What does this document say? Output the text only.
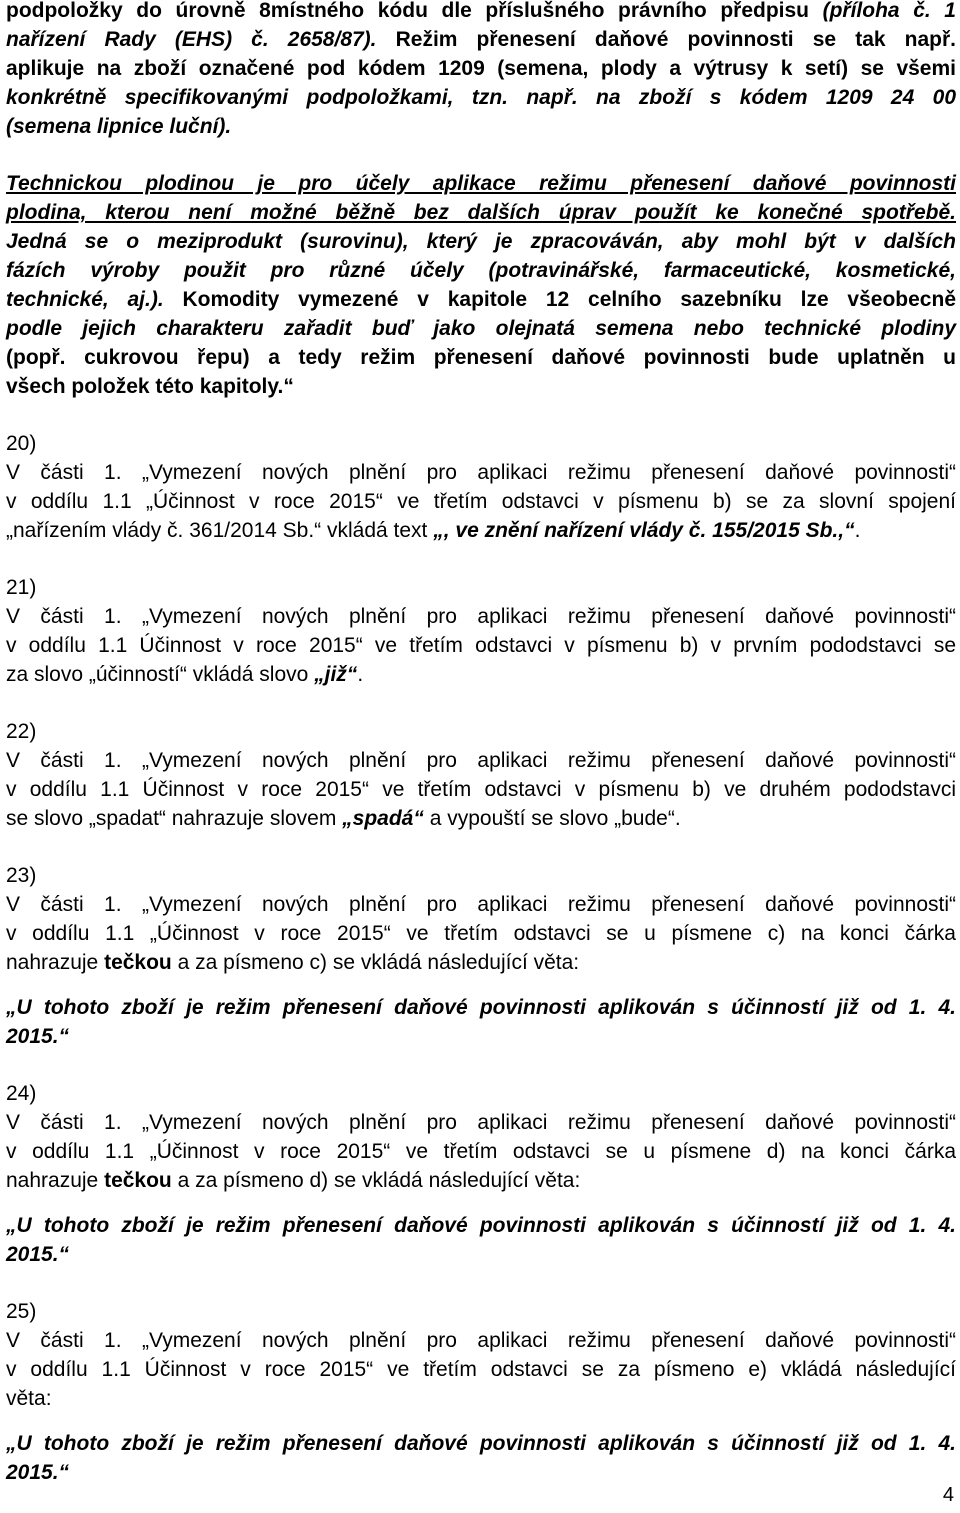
podpoložky do úrovně 8místného kódu dle příslušného právního předpisu (příloha č. 1
nařízení Rady (EHS) č. 2658/87). Režim přenesení daňové povinnosti se tak např.
aplikuje na zboží označené pod kódem 1209 (semena, plody a výtrusy k setí) se všemi
konkrétně specifikovanými podpoložkami, tzn. např. na zboží s kódem 1209 24 00
(semena lipnice luční).
Technickou plodinou je pro účely aplikace režimu přenesení daňové povinnosti
plodina, kterou není možné běžně bez dalších úprav použít ke konečné spotřebě.
Jedná se o meziprodukt (surovinu), který je zpracováván, aby mohl být v dalších
fázích výroby použit pro různé účely (potravinářské, farmaceutické, kosmetické,
technické, aj.). Komodity vymezené v kapitole 12 celního sazebníku lze všeobecně
podle jejich charakteru zařadit buď jako olejnatá semena nebo technické plodiny
(popř. cukrovou řepu) a tedy režim přenesení daňové povinnosti bude uplatněn u
všech položek této kapitoly.“
20)
V části 1. „Vymezení nových plnění pro aplikaci režimu přenesení daňové povinnosti“
v oddílu 1.1 „Účinnost v roce 2015“ ve třetím odstavci v písmenu b) se za slovní spojení
„nařízením vlády č. 361/2014 Sb.“ vkládá text „, ve znění nařízení vlády č. 155/2015 Sb.,“.
21)
V části 1. „Vymezení nových plnění pro aplikaci režimu přenesení daňové povinnosti“
v oddílu 1.1 Účinnost v roce 2015“ ve třetím odstavci v písmenu b) v prvním pododstavci se
za slovo „účinností“ vkládá slovo „již“.
22)
V části 1. „Vymezení nových plnění pro aplikaci režimu přenesení daňové povinnosti“
v oddílu 1.1 Účinnost v roce 2015“ ve třetím odstavci v písmenu b) ve druhém pododstavci
se slovo „spadat“ nahrazuje slovem „spadá“ a vypouští se slovo „bude“.
23)
V části 1. „Vymezení nových plnění pro aplikaci režimu přenesení daňové povinnosti“
v oddílu 1.1 „Účinnost v roce 2015“ ve třetím odstavci se u písmene c) na konci čárka
nahrazuje tečkou a za písmeno c) se vkládá následující věta:
„U tohoto zboží je režim přenesení daňové povinnosti aplikován s účinností již od 1. 4.
2015.“
24)
V části 1. „Vymezení nových plnění pro aplikaci režimu přenesení daňové povinnosti“
v oddílu 1.1 „Účinnost v roce 2015“ ve třetím odstavci se u písmene d) na konci čárka
nahrazuje tečkou a za písmeno d) se vkládá následující věta:
„U tohoto zboží je režim přenesení daňové povinnosti aplikován s účinností již od 1. 4.
2015.“
25)
V části 1. „Vymezení nových plnění pro aplikaci režimu přenesení daňové povinnosti“
v oddílu 1.1 Účinnost v roce 2015“ ve třetím odstavci se za písmeno e) vkládá následující
věta:
„U tohoto zboží je režim přenesení daňové povinnosti aplikován s účinností již od 1. 4.
2015.“
4
